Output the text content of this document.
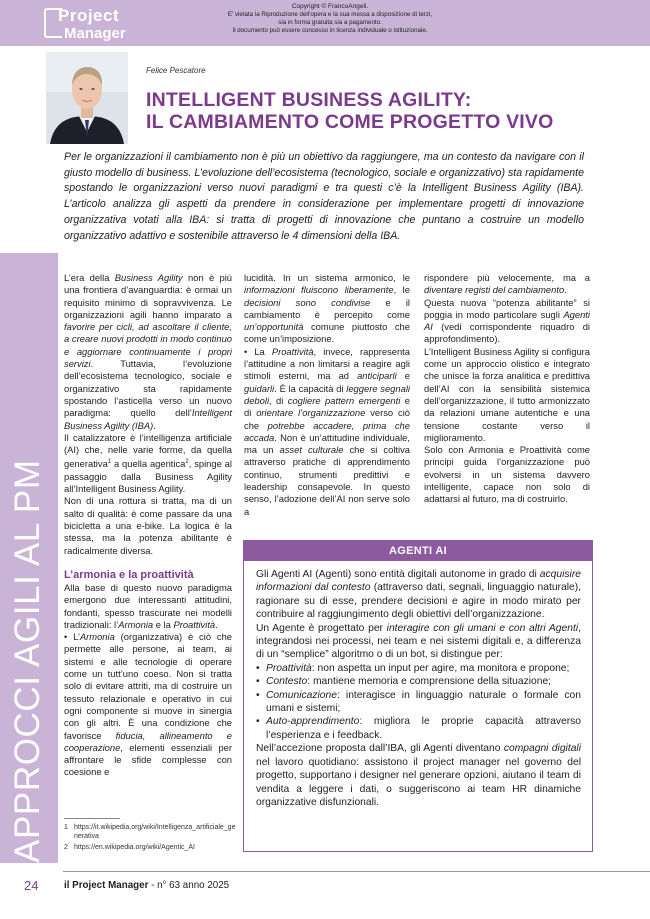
Project
Manager
Copyright © FrancoAngeli.
E' vietata la Riproduzione dell'opera e la sua messa a disposizione di terzi,
sia in forma gratuita sia a pagamento.
Il documento può essere concesso in licenza individuale o istituzionale.
Felice Pescatore
INTELLIGENT BUSINESS AGILITY:
IL CAMBIAMENTO COME PROGETTO VIVO
Per le organizzazioni il cambiamento non è più un obiettivo da raggiungere, ma un contesto da navigare con il giusto modello di business. L’evoluzione dell’ecosistema (tecnologico, sociale e organizzativo) sta rapidamente spostando le organizzazioni verso nuovi paradigmi e tra questi c’è la Intelligent Business Agility (IBA). L’articolo analizza gli aspetti da prendere in considerazione per implementare progetti di innovazione organizzativa votati alla IBA: si tratta di progetti di innovazione che puntano a costruire un modello organizzativo adattivo e sostenibile attraverso le 4 dimensioni della IBA.
APPROCCI AGILI AL PM

L’era della Business Agility non è più una frontiera d’avanguardia: è ormai un requisito minimo di sopravvivenza. Le organizzazioni agili hanno imparato a favorire per cicli, ad ascoltare il cliente, a creare nuovi prodotti in modo continuo e aggiornare continuamente i propri servizi. Tuttavia, l’evoluzione dell’ecosistema tecnologico, sociale e organizzativo sta rapidamente spostando l’asticella verso un nuovo paradigma: quello dell’Intelligent Business Agility (IBA).

Il catalizzatore è l’intelligenza artificiale (AI) che, nelle varie forme, da quella generativa$^1$ a quella agentica$^2$, spinge al passaggio dalla Business Agility all’Intelligent Business Agility.

Non di una rottura si tratta, ma di un salto di qualità: è come passare da una bicicletta a una e-bike. La logica è la stessa, ma la potenza abilitante è radicalmente diversa.

L’armonia e la proattività

Alla base di questo nuovo paradigma emergono due interessanti attitudini, fondanti, spesso trascurate nei modelli tradizionali: l’Armonia e la Proattività.

• L’Armonia (organizzativa) è ciò che permette alle persone, ai team, ai sistemi e alle tecnologie di operare come un tutt’uno coeso. Non si tratta solo di evitare attriti, ma di costruire un tessuto relazionale e operativo in cui ogni componente si muove in sinergia con gli altri. È una condizione che favorisce fiducia, allineamento e cooperazione, elementi essenziali per affrontare le sfide complesse con coesione e

lucidità. In un sistema armonico, le informazioni fluiscono liberamente, le decisioni sono condivise e il cambiamento è percepito come un’opportunità comune piuttosto che come un’imposizione.

• La Proattività, invece, rappresenta l’attitudine a non limitarsi a reagire agli stimoli esterni, ma ad anticiparli e guidarli. È la capacità di leggere segnali deboli, di cogliere pattern emergenti e di orientare l’organizzazione verso ciò che potrebbe accadere, prima che accada. Non è un’attitudine individuale, ma un asset culturale che si coltiva attraverso pratiche di apprendimento continuo, strumenti predittivi e leadership consapevole. In questo senso, l’adozione dell’AI non serve solo a

rispondere più velocemente, ma a diventare registi del cambiamento.

Questa nuova “potenza abilitante” si poggia in modo particolare sugli Agenti AI (vedi corrispondente riquadro di approfondimento).

L’Intelligent Business Agility si configura come un approccio olistico e integrato che unisce la forza analitica e predittiva dell’AI con la sensibilità sistemica dell’organizzazione, il tutto armonizzato da relazioni umane autentiche e una tensione costante verso il miglioramento.

Solo con Armonia e Proattività come principi guida l’organizzazione può evolversi in un sistema davvero intelligente, capace non solo di adattarsi al futuro, ma di costruirlo.

AGENTI AI

Gli Agenti AI (Agenti) sono entità digitali autonome in grado di acquisire informazioni dal contesto (attraverso dati, segnali, linguaggio naturale), ragionare su di esse, prendere decisioni e agire in modo mirato per contribuire al raggiungimento degli obiettivi dell’organizzazione.

Un Agente è progettato per interagire con gli umani e con altri Agenti, integrandosi nei processi, nei team e nei sistemi digitali e, a differenza di un “semplice” algoritmo o di un bot, si distingue per:

• Proattività: non aspetta un input per agire, ma monitora e propone;
• Contesto: mantiene memoria e comprensione della situazione;
• Comunicazione: interagisce in linguaggio naturale o formale con umani e sistemi;
• Auto-apprendimento: migliora le proprie capacità attraverso l’esperienza e i feedback.

Nell’accezione proposta dall’IBA, gli Agenti diventano compagni digitali nel lavoro quotidiano: assistono il project manager nel governo del progetto, supportano i designer nel generare opzioni, aiutano il team di vendita a leggere i dati, o suggeriscono ai team HR dinamiche organizzative disfunzionali.

1 https://it.wikipedia.org/wiki/Intelligenza_artificiale_generativa
2 https://en.wikipedia.org/wiki/Agentic_AI
24	il Project Manager - n° 63 anno 2025
